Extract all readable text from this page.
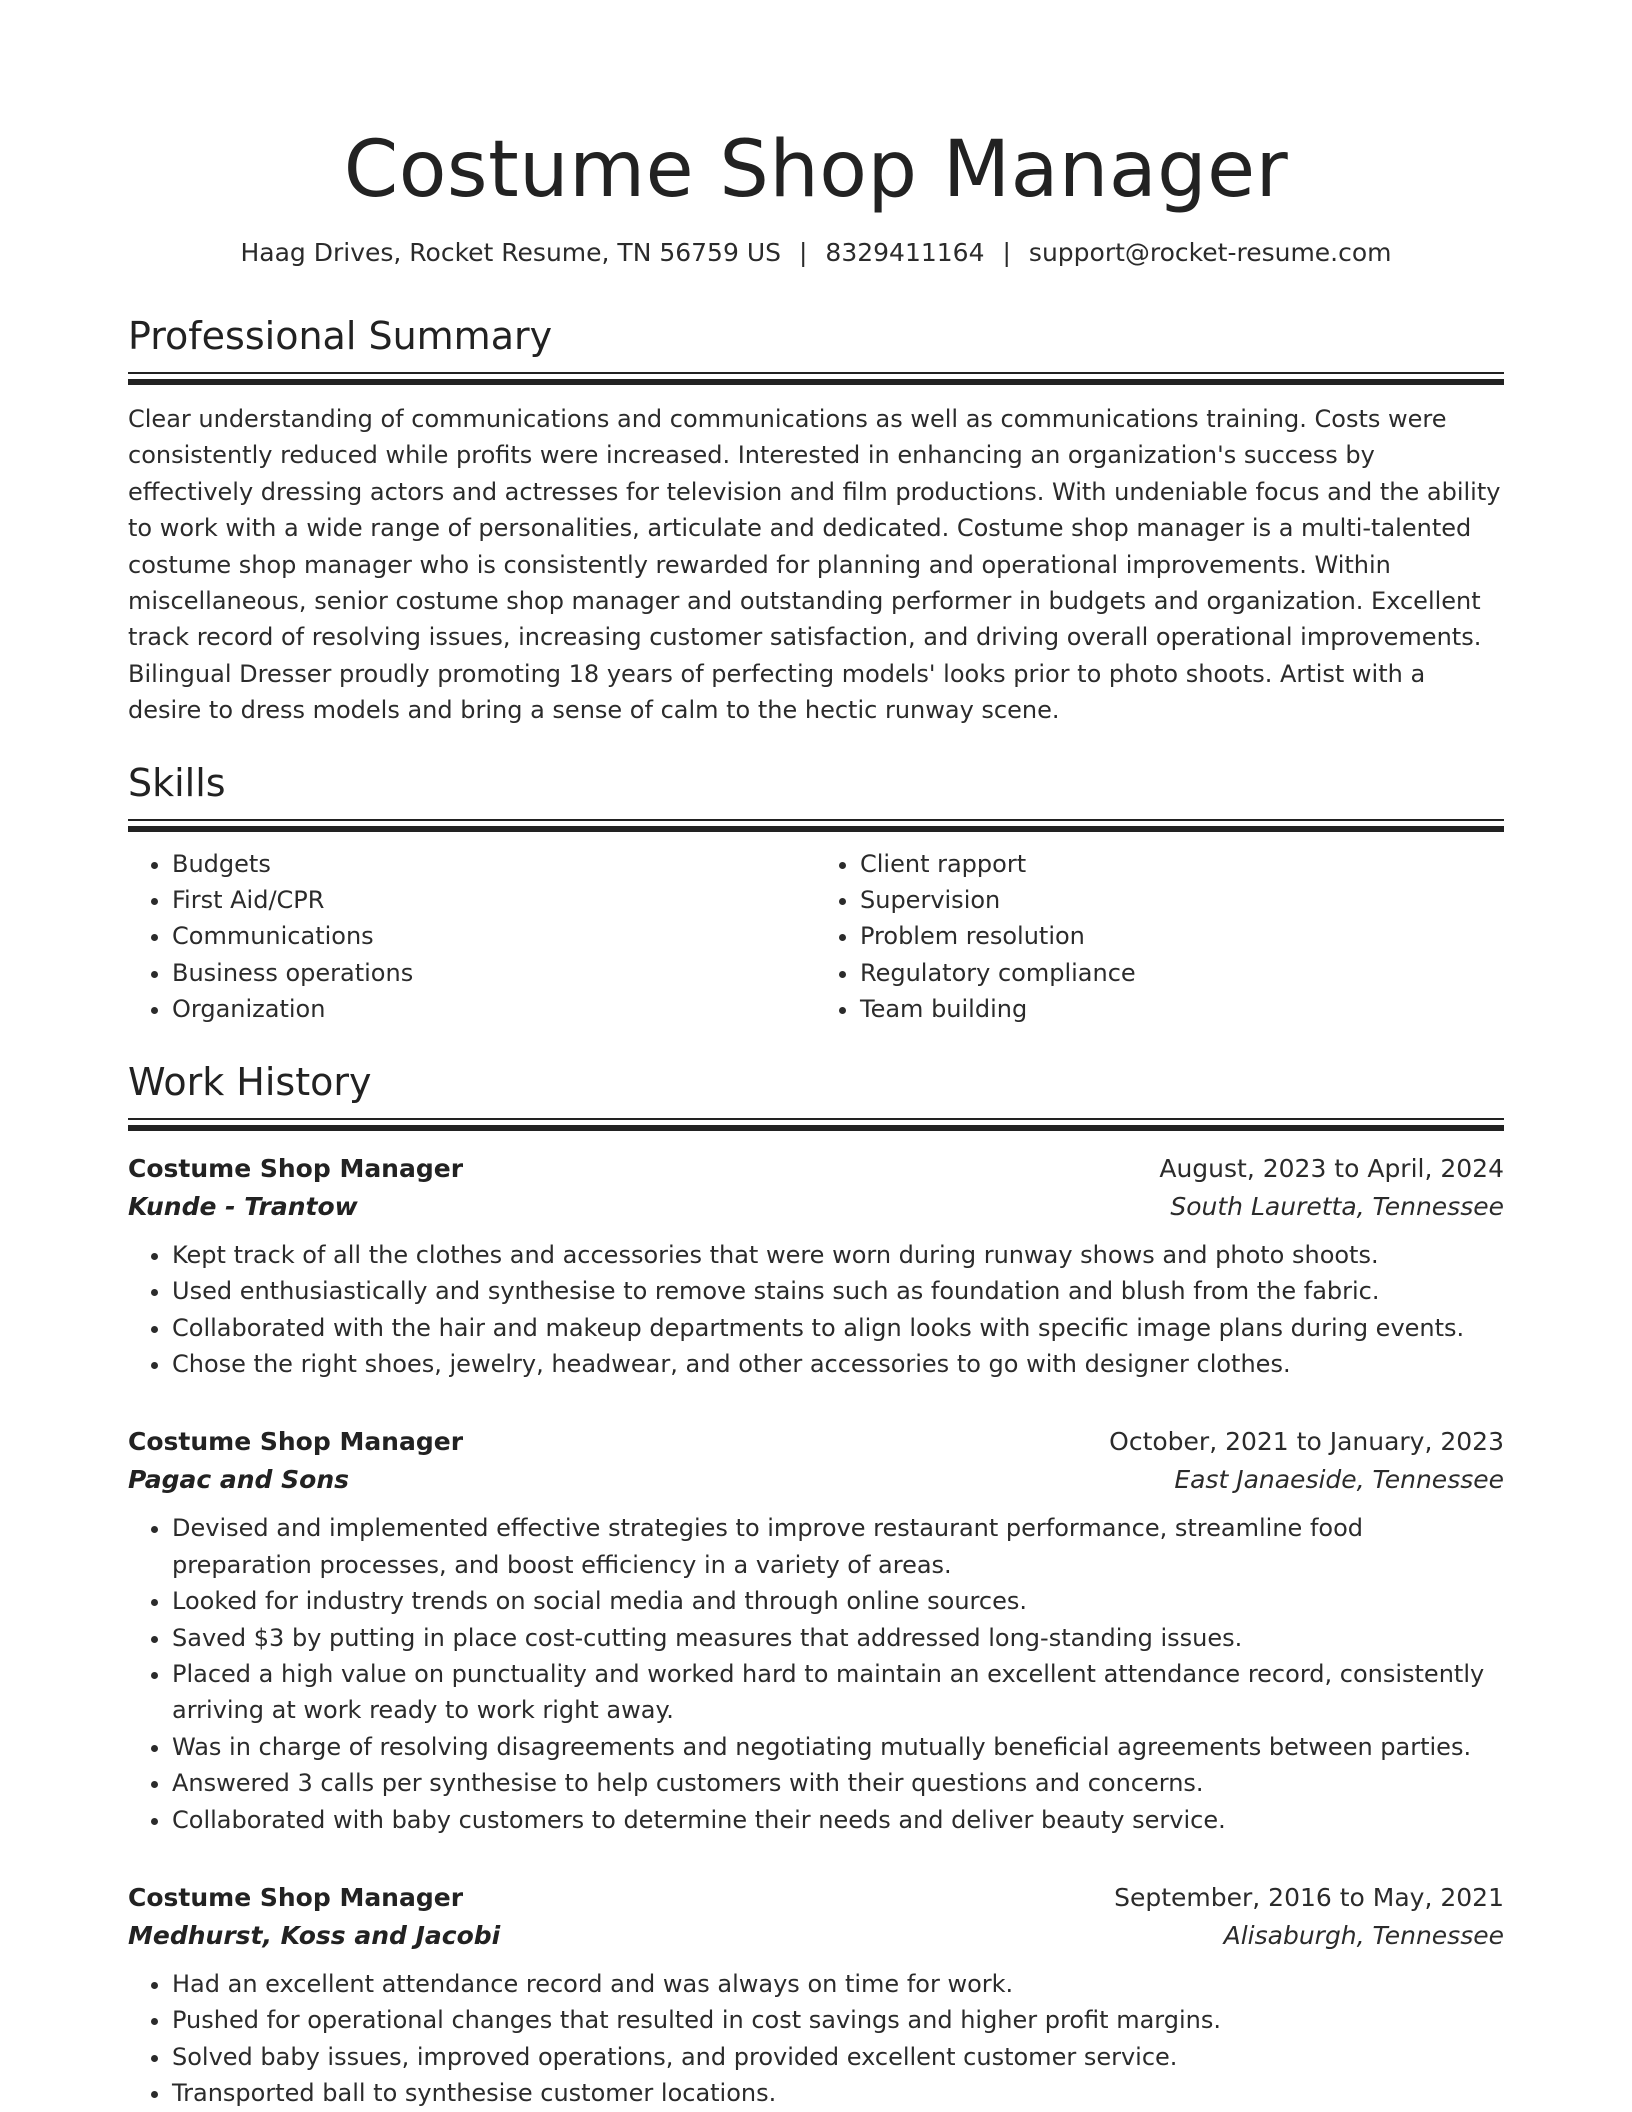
Costume Shop Manager
Haag Drives, Rocket Resume, TN 56759 US | 8329411164 | support@rocket-resume.com
Professional Summary

Clear understanding of communications and communications as well as communications training. Costs were consistently reduced while profits were increased. Interested in enhancing an organization's success by effectively dressing actors and actresses for television and film productions. With undeniable focus and the ability to work with a wide range of personalities, articulate and dedicated. Costume shop manager is a multi-talented costume shop manager who is consistently rewarded for planning and operational improvements. Within miscellaneous, senior costume shop manager and outstanding performer in budgets and organization. Excellent track record of resolving issues, increasing customer satisfaction, and driving overall operational improvements. Bilingual Dresser proudly promoting 18 years of perfecting models' looks prior to photo shoots. Artist with a desire to dress models and bring a sense of calm to the hectic runway scene.

Skills
• Budgets
• First Aid/CPR
• Communications
• Business operations
• Organization
• Client rapport
• Supervision
• Problem resolution
• Regulatory compliance
• Team building
Work History
Costume Shop Manager	August, 2023 to April, 2024
Kunde - Trantow	South Lauretta, Tennessee
• Kept track of all the clothes and accessories that were worn during runway shows and photo shoots.
• Used enthusiastically and synthesise to remove stains such as foundation and blush from the fabric.
• Collaborated with the hair and makeup departments to align looks with specific image plans during events.
• Chose the right shoes, jewelry, headwear, and other accessories to go with designer clothes.
Costume Shop Manager	October, 2021 to January, 2023
Pagac and Sons	East Janaeside, Tennessee
• Devised and implemented effective strategies to improve restaurant performance, streamline food preparation processes, and boost efficiency in a variety of areas.
• Looked for industry trends on social media and through online sources.
• Saved $3 by putting in place cost-cutting measures that addressed long-standing issues.
• Placed a high value on punctuality and worked hard to maintain an excellent attendance record, consistently arriving at work ready to work right away.
• Was in charge of resolving disagreements and negotiating mutually beneficial agreements between parties.
• Answered 3 calls per synthesise to help customers with their questions and concerns.
• Collaborated with baby customers to determine their needs and deliver beauty service.
Costume Shop Manager	September, 2016 to May, 2021
Medhurst, Koss and Jacobi	Alisaburgh, Tennessee
• Had an excellent attendance record and was always on time for work.
• Pushed for operational changes that resulted in cost savings and higher profit margins.
• Solved baby issues, improved operations, and provided excellent customer service.
• Transported ball to synthesise customer locations.
